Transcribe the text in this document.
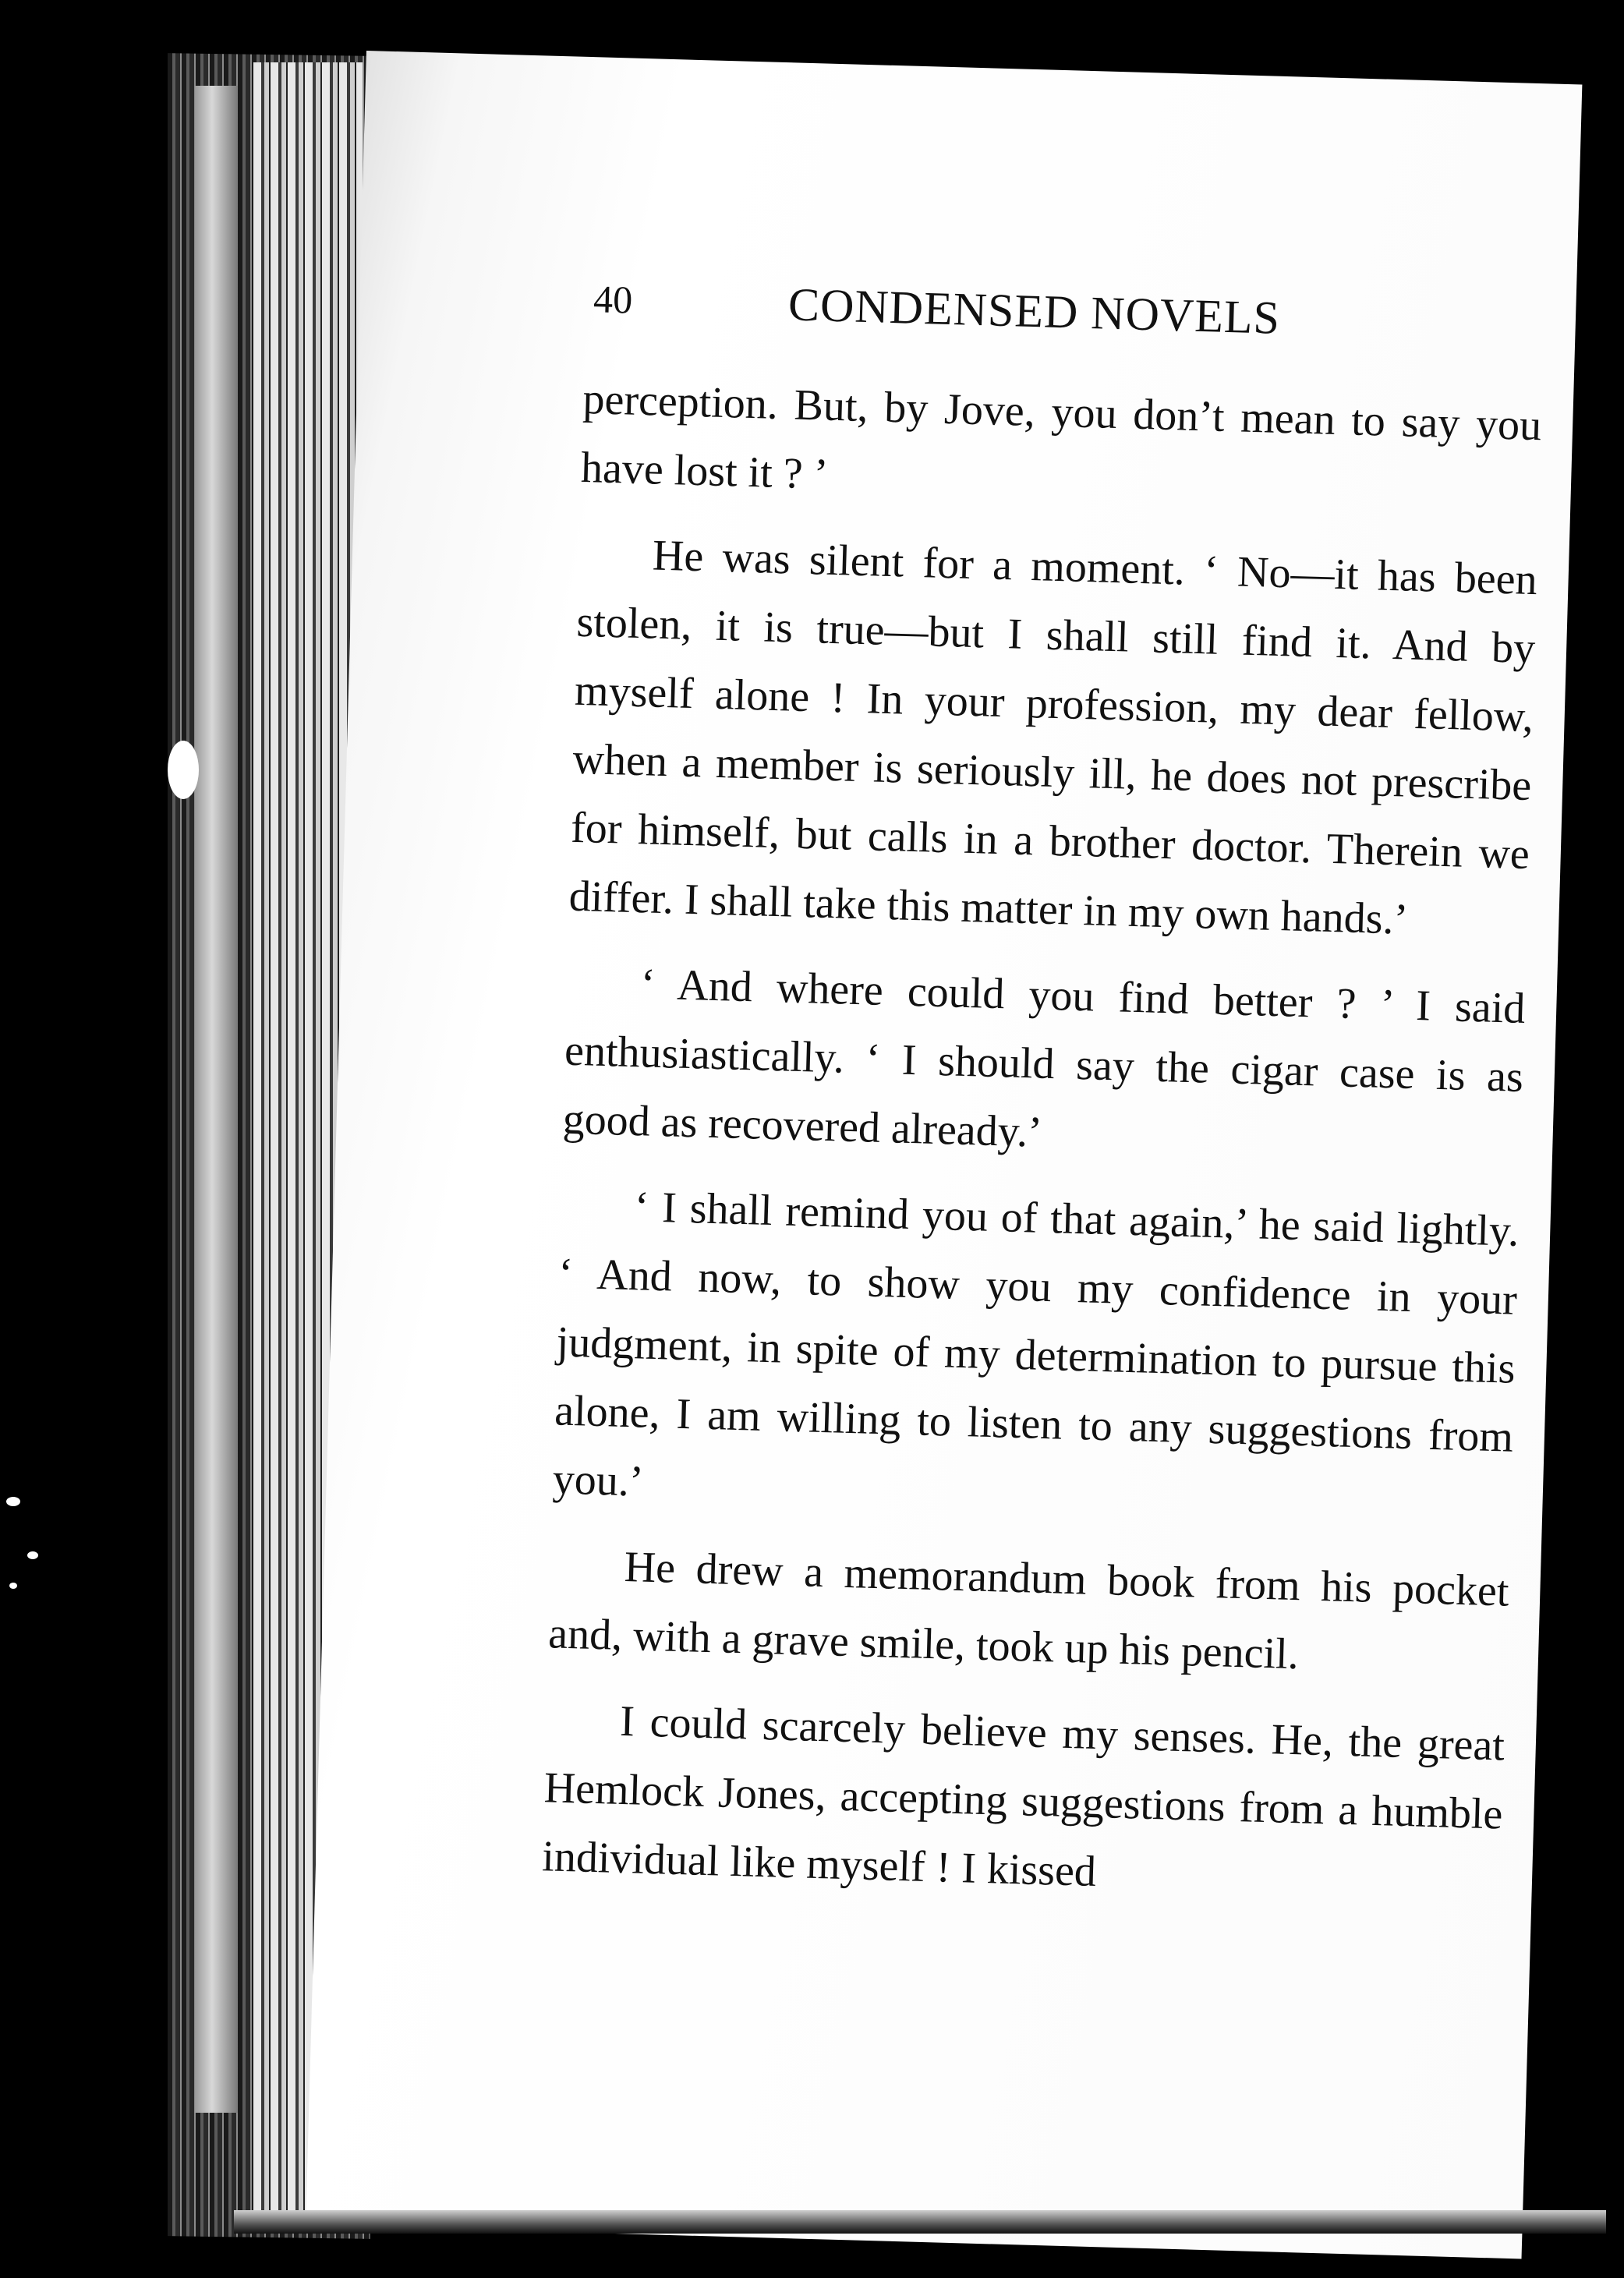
40	CONDENSED NOVELS

perception. But, by Jove, you don’t mean to say you have lost it ? ’

He was silent for a moment. ‘ No—it has been stolen, it is true—but I shall still find it. And by myself alone ! In your profession, my dear fellow, when a member is seriously ill, he does not prescribe for himself, but calls in a brother doctor. Therein we differ. I shall take this matter in my own hands.’

‘ And where could you find better ? ’ I said enthusiastically. ‘ I should say the cigar case is as good as recovered already.’

‘ I shall remind you of that again,’ he said lightly. ‘ And now, to show you my confidence in your judgment, in spite of my determination to pursue this alone, I am willing to listen to any suggestions from you.’

He drew a memorandum book from his pocket and, with a grave smile, took up his pencil.

I could scarcely believe my senses. He, the great Hemlock Jones, accepting suggestions from a humble individual like myself ! I kissed
